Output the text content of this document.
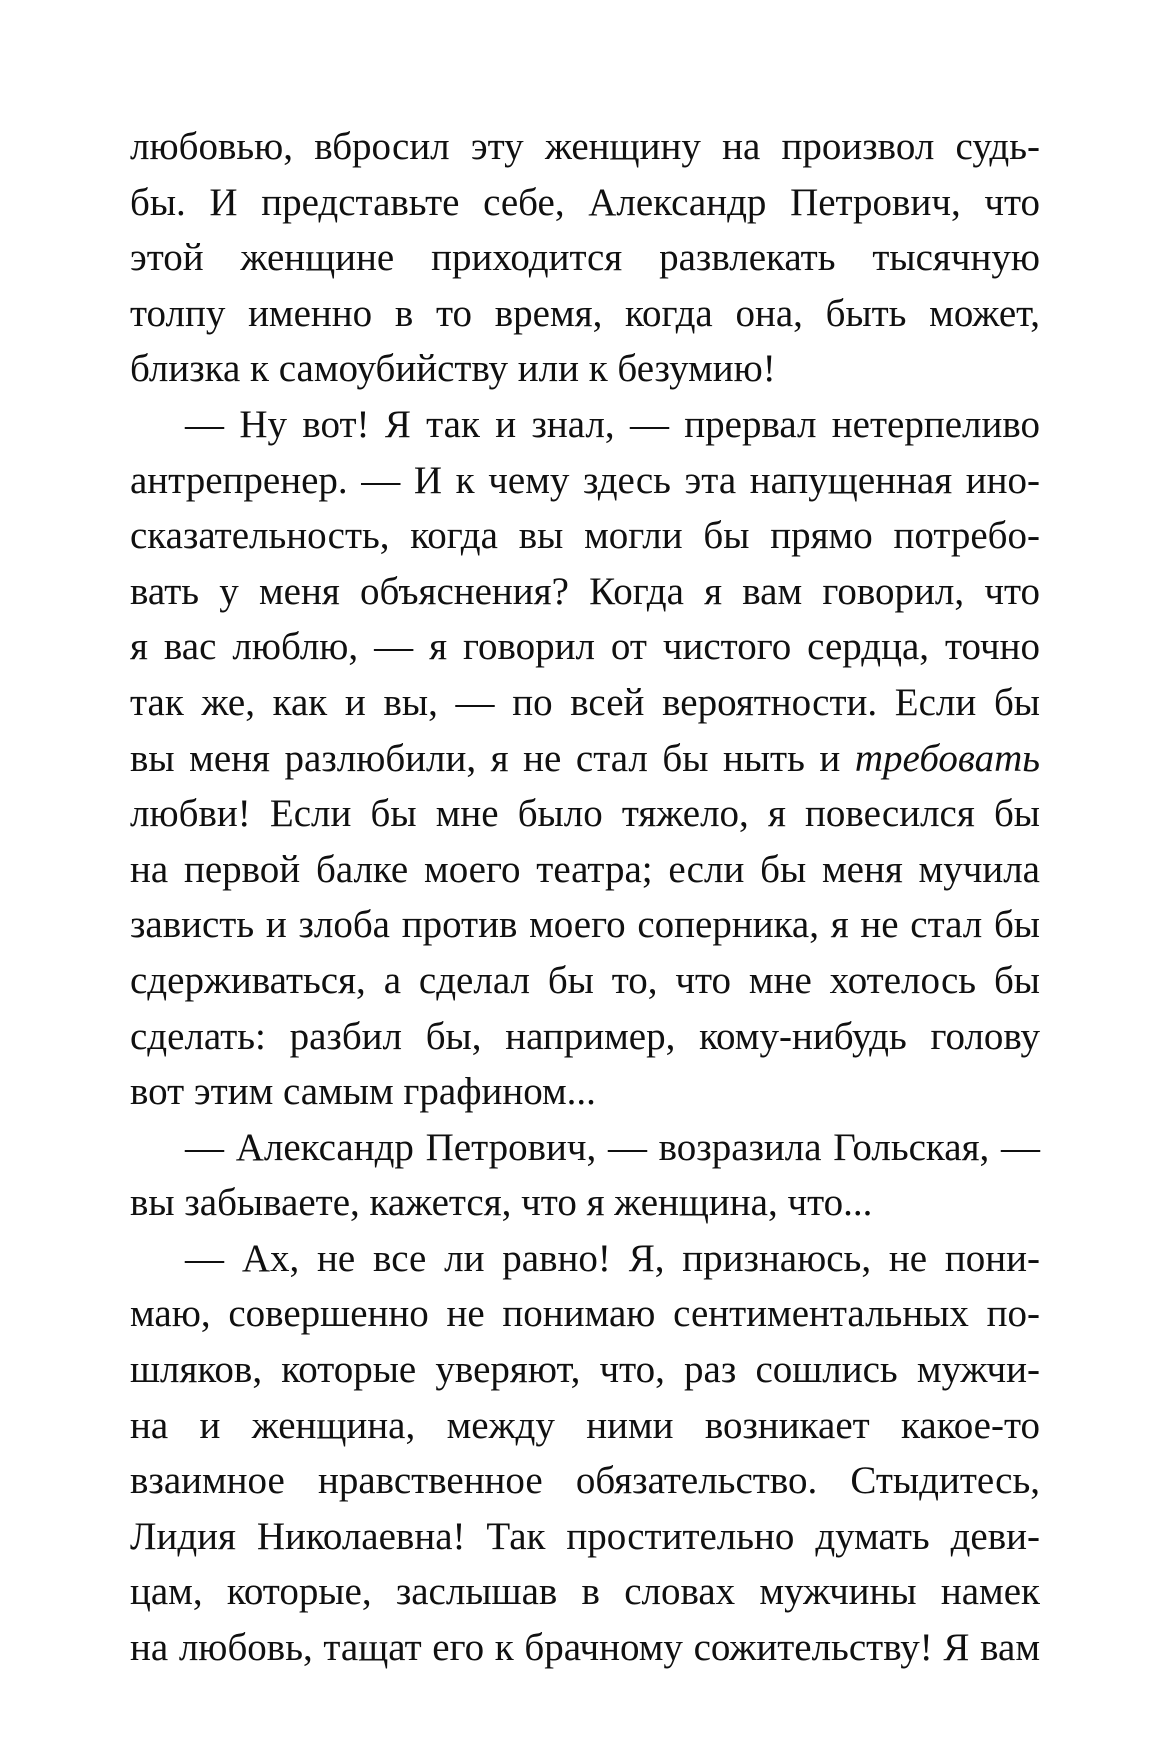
любовью, вбросил эту женщину на произвол судь-
бы. И представьте себе, Александр Петрович, что
этой женщине приходится развлекать тысячную
толпу именно в то время, когда она, быть может,
близка к самоубийству или к безумию!
— Ну вот! Я так и знал, — прервал нетерпеливо
антрепренер. — И к чему здесь эта напущенная ино-
сказательность, когда вы могли бы прямо потребо-
вать у меня объяснения? Когда я вам говорил, что
я вас люблю, — я говорил от чистого сердца, точно
так же, как и вы, — по всей вероятности. Если бы
вы меня разлюбили, я не стал бы ныть и требовать
любви! Если бы мне было тяжело, я повесился бы
на первой балке моего театра; если бы меня мучила
зависть и злоба против моего соперника, я не стал бы
сдерживаться, а сделал бы то, что мне хотелось бы
сделать: разбил бы, например, кому-нибудь голову
вот этим самым графином...
— Александр Петрович, — возразила Гольская, —
вы забываете, кажется, что я женщина, что...
— Ах, не все ли равно! Я, признаюсь, не пони-
маю, совершенно не понимаю сентиментальных по-
шляков, которые уверяют, что, раз сошлись мужчи-
на и женщина, между ними возникает какое-то
взаимное нравственное обязательство. Стыдитесь,
Лидия Николаевна! Так простительно думать деви-
цам, которые, заслышав в словах мужчины намек
на любовь, тащат его к брачному сожительству! Я вам
